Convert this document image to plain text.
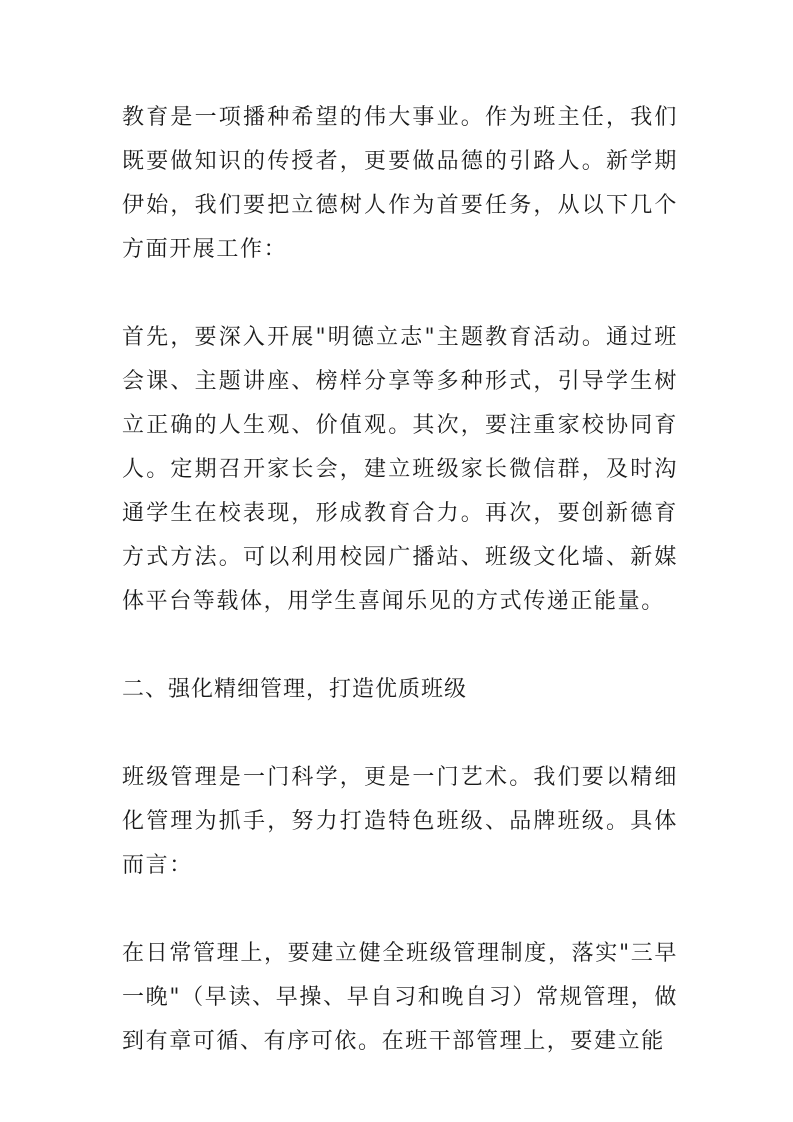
教育是一项播种希望的伟大事业。作为班主任，我们既要做知识的传授者，更要做品德的引路人。新学期伊始，我们要把立德树人作为首要任务，从以下几个方面开展工作：

首先，要深入开展"明德立志"主题教育活动。通过班会课、主题讲座、榜样分享等多种形式，引导学生树立正确的人生观、价值观。其次，要注重家校协同育人。定期召开家长会，建立班级家长微信群，及时沟通学生在校表现，形成教育合力。再次，要创新德育方式方法。可以利用校园广播站、班级文化墙、新媒体平台等载体，用学生喜闻乐见的方式传递正能量。

二、强化精细管理，打造优质班级

班级管理是一门科学，更是一门艺术。我们要以精细化管理为抓手，努力打造特色班级、品牌班级。具体而言：

在日常管理上，要建立健全班级管理制度，落实"三早一晚"（早读、早操、早自习和晚自习）常规管理，做到有章可循、有序可依。在班干部管理上，要建立能
